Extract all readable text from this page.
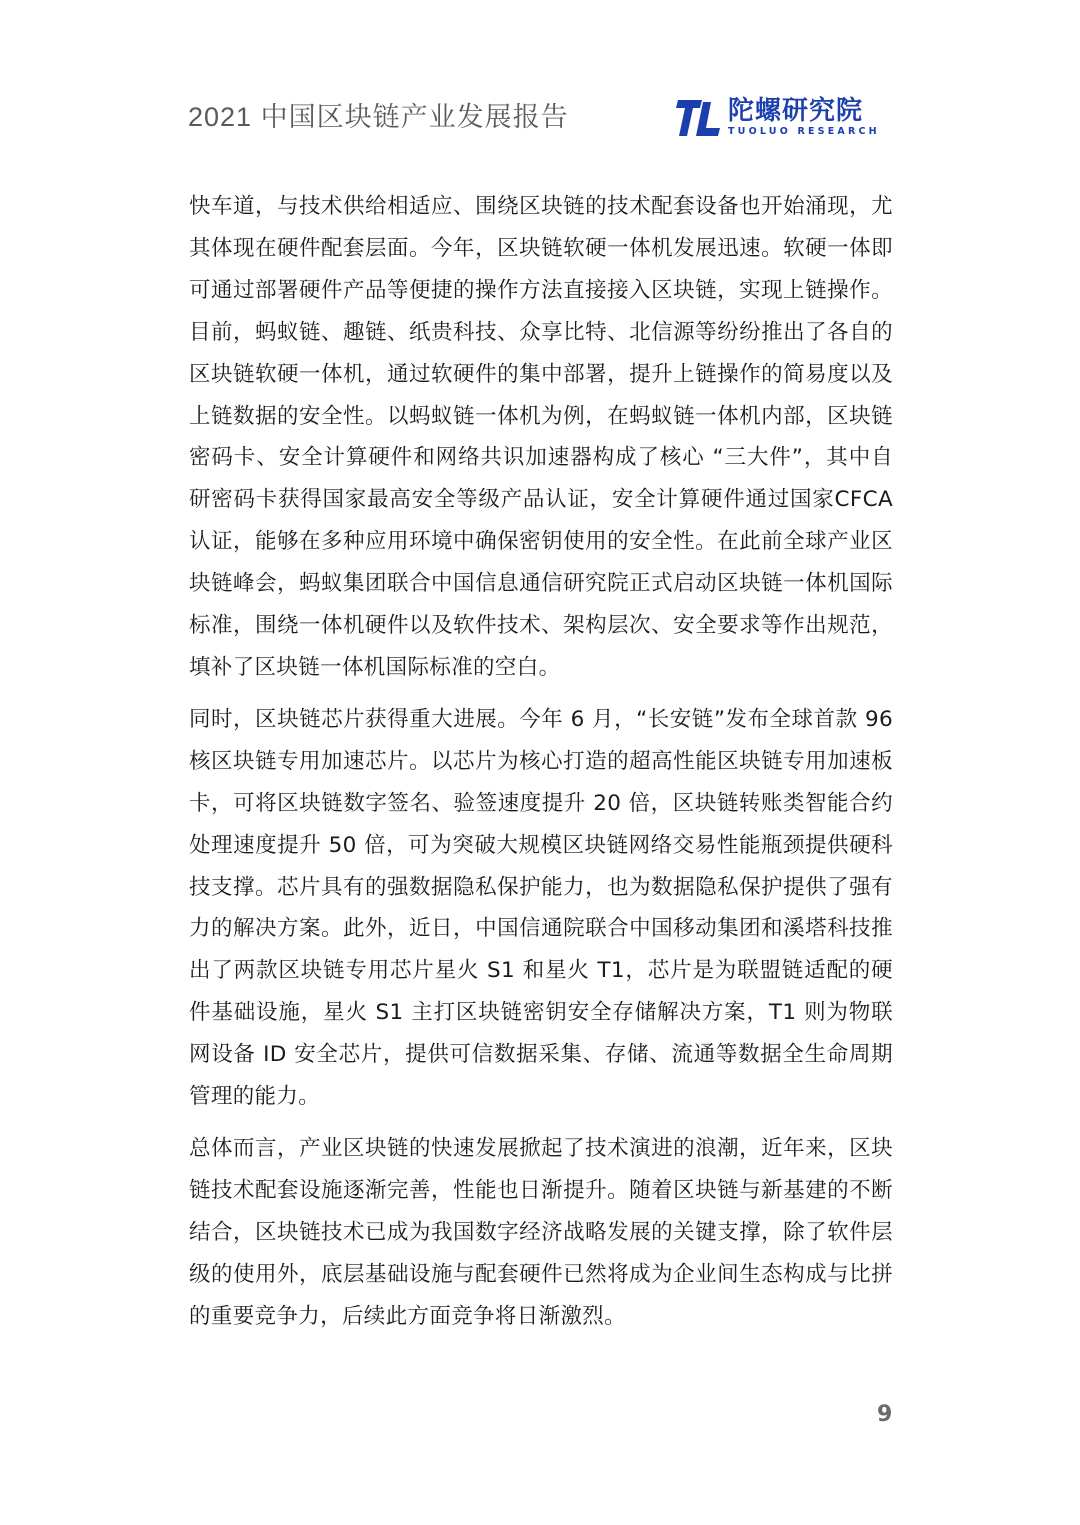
2021 中国区块链产业发展报告	陀螺研究院
TUOLUO RESEARCH

快车道，与技术供给相适应、围绕区块链的技术配套设备也开始涌现，尤其体现在硬件配套层面。今年，区块链软硬一体机发展迅速。软硬一体即可通过部署硬件产品等便捷的操作方法直接接入区块链，实现上链操作。目前，蚂蚁链、趣链、纸贵科技、众享比特、北信源等纷纷推出了各自的区块链软硬一体机，通过软硬件的集中部署，提升上链操作的简易度以及上链数据的安全性。以蚂蚁链一体机为例，在蚂蚁链一体机内部，区块链密码卡、安全计算硬件和网络共识加速器构成了核心 “三大件”，其中自研密码卡获得国家最高安全等级产品认证，安全计算硬件通过国家CFCA 认证，能够在多种应用环境中确保密钥使用的安全性。在此前全球产业区块链峰会，蚂蚁集团联合中国信息通信研究院正式启动区块链一体机国际标准，围绕一体机硬件以及软件技术、架构层次、安全要求等作出规范，填补了区块链一体机国际标准的空白。

同时，区块链芯片获得重大进展。今年 6 月，“长安链”发布全球首款 96 核区块链专用加速芯片。以芯片为核心打造的超高性能区块链专用加速板卡，可将区块链数字签名、验签速度提升 20 倍，区块链转账类智能合约处理速度提升 50 倍，可为突破大规模区块链网络交易性能瓶颈提供硬科技支撑。芯片具有的强数据隐私保护能力，也为数据隐私保护提供了强有力的解决方案。此外，近日，中国信通院联合中国移动集团和溪塔科技推出了两款区块链专用芯片星火 S1 和星火 T1，芯片是为联盟链适配的硬件基础设施，星火 S1 主打区块链密钥安全存储解决方案，T1 则为物联网设备 ID 安全芯片，提供可信数据采集、存储、流通等数据全生命周期管理的能力。

总体而言，产业区块链的快速发展掀起了技术演进的浪潮，近年来，区块链技术配套设施逐渐完善，性能也日渐提升。随着区块链与新基建的不断结合，区块链技术已成为我国数字经济战略发展的关键支撑，除了软件层级的使用外，底层基础设施与配套硬件已然将成为企业间生态构成与比拼的重要竞争力，后续此方面竞争将日渐激烈。

9
